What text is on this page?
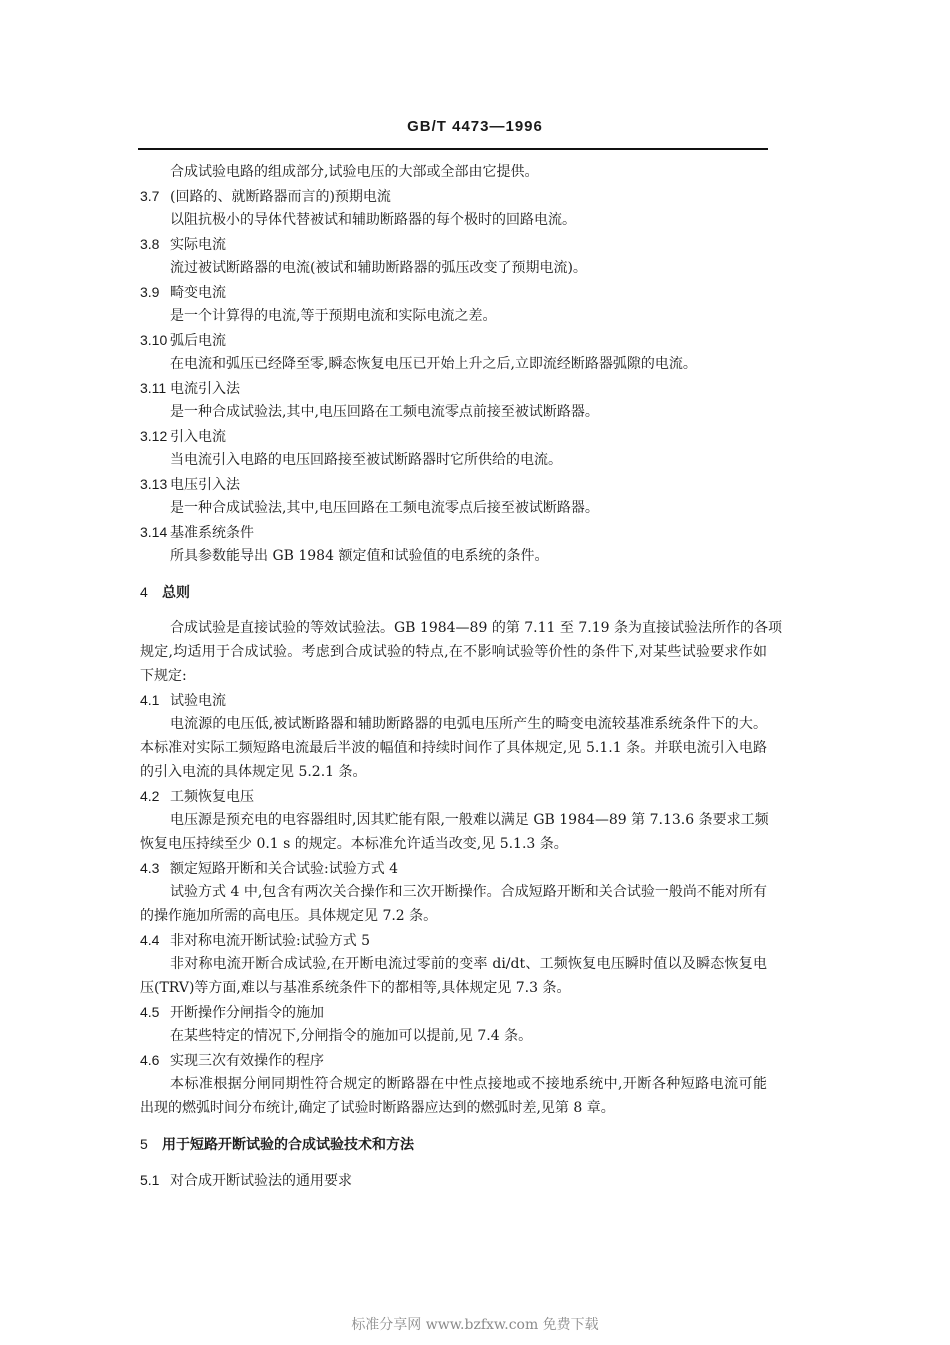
GB/T 4473—1996
合成试验电路的组成部分,试验电压的大部或全部由它提供。
3.7 (回路的、就断路器而言的)预期电流
以阻抗极小的导体代替被试和辅助断路器的每个极时的回路电流。
3.8 实际电流
流过被试断路器的电流(被试和辅助断路器的弧压改变了预期电流)。
3.9 畸变电流
是一个计算得的电流,等于预期电流和实际电流之差。
3.10 弧后电流
在电流和弧压已经降至零,瞬态恢复电压已开始上升之后,立即流经断路器弧隙的电流。
3.11 电流引入法
是一种合成试验法,其中,电压回路在工频电流零点前接至被试断路器。
3.12 引入电流
当电流引入电路的电压回路接至被试断路器时它所供给的电流。
3.13 电压引入法
是一种合成试验法,其中,电压回路在工频电流零点后接至被试断路器。
3.14 基准系统条件
所具参数能导出 GB 1984 额定值和试验值的电系统的条件。
4 总则
合成试验是直接试验的等效试验法。GB 1984—89 的第 7.11 至 7.19 条为直接试验法所作的各项
规定,均适用于合成试验。考虑到合成试验的特点,在不影响试验等价性的条件下,对某些试验要求作如
下规定:
4.1 试验电流
电流源的电压低,被试断路器和辅助断路器的电弧电压所产生的畸变电流较基准系统条件下的大。
本标准对实际工频短路电流最后半波的幅值和持续时间作了具体规定,见 5.1.1 条。并联电流引入电路
的引入电流的具体规定见 5.2.1 条。
4.2 工频恢复电压
电压源是预充电的电容器组时,因其贮能有限,一般难以满足 GB 1984—89 第 7.13.6 条要求工频
恢复电压持续至少 0.1 s 的规定。本标准允许适当改变,见 5.1.3 条。
4.3 额定短路开断和关合试验:试验方式 4
试验方式 4 中,包含有两次关合操作和三次开断操作。合成短路开断和关合试验一般尚不能对所有
的操作施加所需的高电压。具体规定见 7.2 条。
4.4 非对称电流开断试验:试验方式 5
非对称电流开断合成试验,在开断电流过零前的变率 di/dt、工频恢复电压瞬时值以及瞬态恢复电
压(TRV)等方面,难以与基准系统条件下的都相等,具体规定见 7.3 条。
4.5 开断操作分闸指令的施加
在某些特定的情况下,分闸指令的施加可以提前,见 7.4 条。
4.6 实现三次有效操作的程序
本标准根据分闸同期性符合规定的断路器在中性点接地或不接地系统中,开断各种短路电流可能
出现的燃弧时间分布统计,确定了试验时断路器应达到的燃弧时差,见第 8 章。
5 用于短路开断试验的合成试验技术和方法
5.1 对合成开断试验法的通用要求
标准分享网 www.bzfxw.com 免费下载
